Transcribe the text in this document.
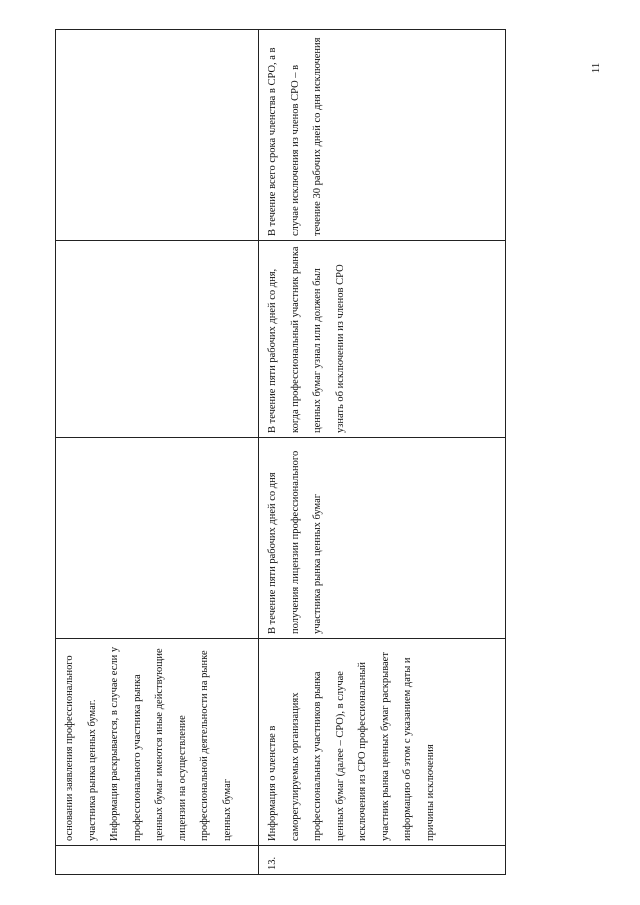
11

	основании заявления профессионального участника рынка ценных бумаг. Информация раскрывается, в случае если у профессионального участника рынка ценных бумаг имеются иные действующие лицензии на осуществление профессиональной деятельности на рынке ценных бумаг			

13.	Информация о членстве в саморегулируемых организациях профессиональных участников рынка ценных бумаг (далее – СРО), в случае исключения из СРО профессиональный участник рынка ценных бумаг раскрывает информацию об этом с указанием даты и причины исключения	В течение пяти рабочих дней со дня получения лицензии профессионального участника рынка ценных бумаг	В течение пяти рабочих дней со дня, когда профессиональный участник рынка ценных бумаг узнал или должен был узнать об исключении из членов СРО	В течение всего срока членства в СРО, а в случае исключения из членов СРО – в течение 30 рабочих дней со дня исключения
